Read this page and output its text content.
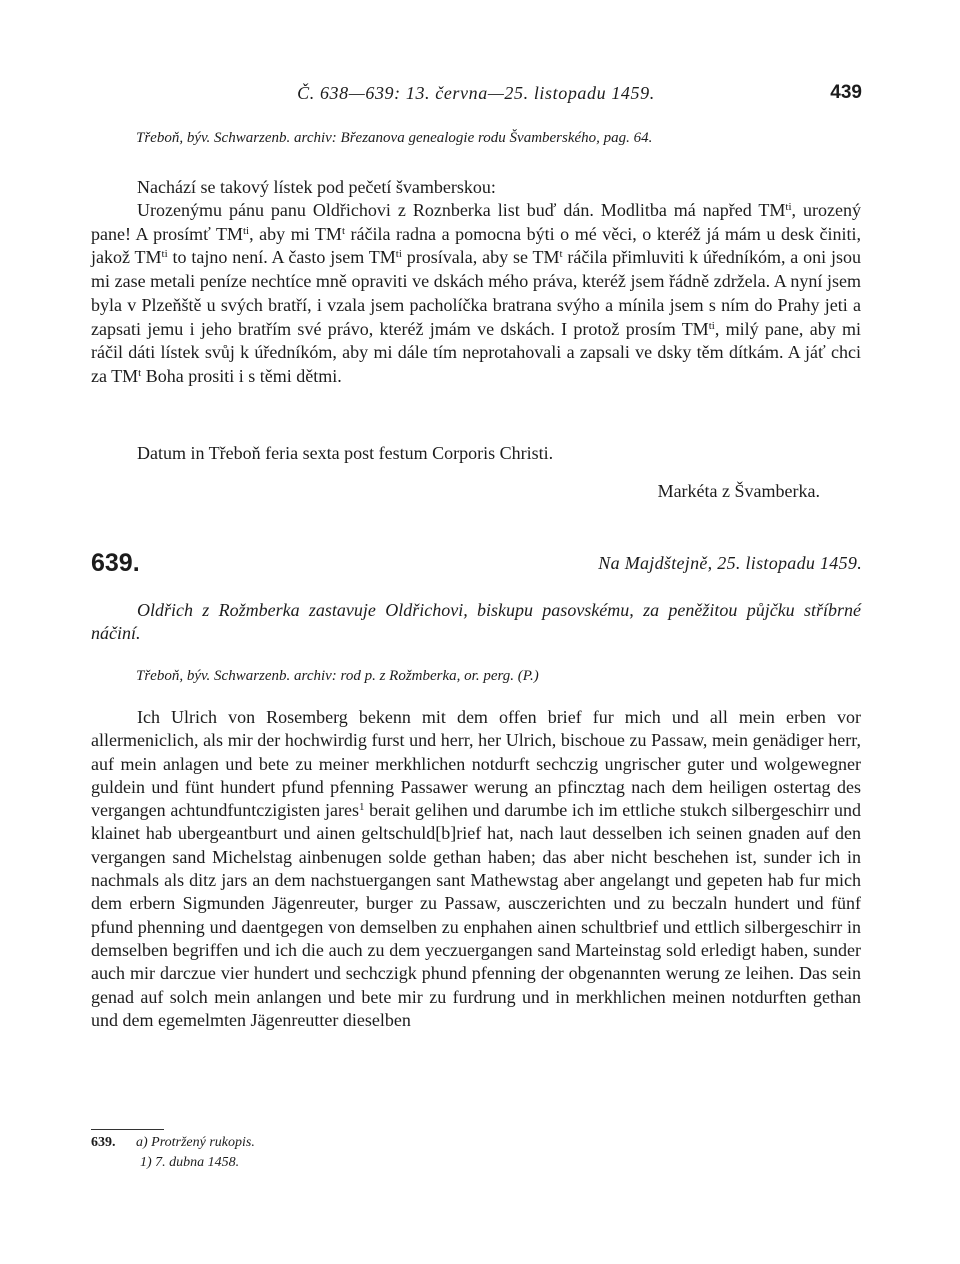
Č. 638—639: 13. června—25. listopadu 1459.	439
Třeboň, býv. Schwarzenb. archiv: Březanova genealogie rodu Švamberského, pag. 64.

Nachází se takový lístek pod pečetí švamberskou:

Urozenýmu pánu panu Oldřichovi z Roznberka list buď dán. Modlitba má napřed $TM^{ti}$, urozený pane! A prosímť $TM^{ti}$, aby mi $TM^t$ ráčila radna a pomocna býti o mé věci, o kteréž já mám u desk činiti, jakož $TM^{ti}$ to tajno není. A často jsem $TM^{ti}$ prosívala, aby se $TM^t$ ráčila přimluviti k úředníkóm, a oni jsou mi zase metali peníze nechtíce mně opraviti ve dskách mého práva, kteréž jsem řádně zdržela. A nyní jsem byla v Plzeňště u svých bratří, i vzala jsem pacholíčka bratrana svýho a mínila jsem s ním do Prahy jeti a zapsati jemu i jeho bratřím své právo, kteréž jmám ve dskách. I protož prosím $TM^{ti}$, milý pane, aby mi ráčil dáti lístek svůj k úředníkóm, aby mi dále tím neprotahovali a zapsali ve dsky těm dítkám. A jáť chci za $TM^t$ Boha prositi i s těmi dětmi.

Datum in Třeboň feria sexta post festum Corporis Christi.

Markéta z Švamberka.
639.	Na Majdštejně, 25. listopadu 1459.

Oldřich z Rožmberka zastavuje Oldřichovi, biskupu pasovskému, za peněžitou půjčku stříbrné náčiní.

Třeboň, býv. Schwarzenb. archiv: rod p. z Rožmberka, or. perg. (P.)

Ich Ulrich von Rosemberg bekenn mit dem offen brief fur mich und all mein erben vor allermeniclich, als mir der hochwirdig furst und herr, her Ulrich, bischoue zu Passaw, mein genädiger herr, auf mein anlagen und bete zu meiner merkhlichen notdurft sechczig ungrischer guter und wolgewegner guldein und fünt hundert pfund pfenning Passawer werung an pfincztag nach dem heiligen ostertag des vergangen achtundfuntczigisten jares$^1$ berait gelihen und darumbe ich im ettliche stukch silbergeschirr und klainet hab ubergeantburt und ainen geltschuld[b]rief hat, nach laut desselben ich seinen gnaden auf den vergangen sand Michelstag ainbenugen solde gethan haben; das aber nicht beschehen ist, sunder ich in nachmals als ditz jars an dem nachstuergangen sant Mathewstag aber angelangt und gepeten hab fur mich dem erbern Sigmunden Jägenreuter, burger zu Passaw, ausczerichten und zu beczaln hundert und fünf pfund phenning und daentgegen von demselben zu enphahen ainen schultbrief und ettlich silbergeschirr in demselben begriffen und ich die auch zu dem yeczuergangen sand Marteinstag sold erledigt haben, sunder auch mir darczue vier hundert und sechczigk phund pfenning der obgenannten werung ze leihen. Das sein genad auf solch mein anlangen und bete mir zu furdrung und in merkhlichen meinen notdurften gethan und dem egemelmten Jägenreutter dieselben

639. a) Protržený rukopis.
1) 7. dubna 1458.
